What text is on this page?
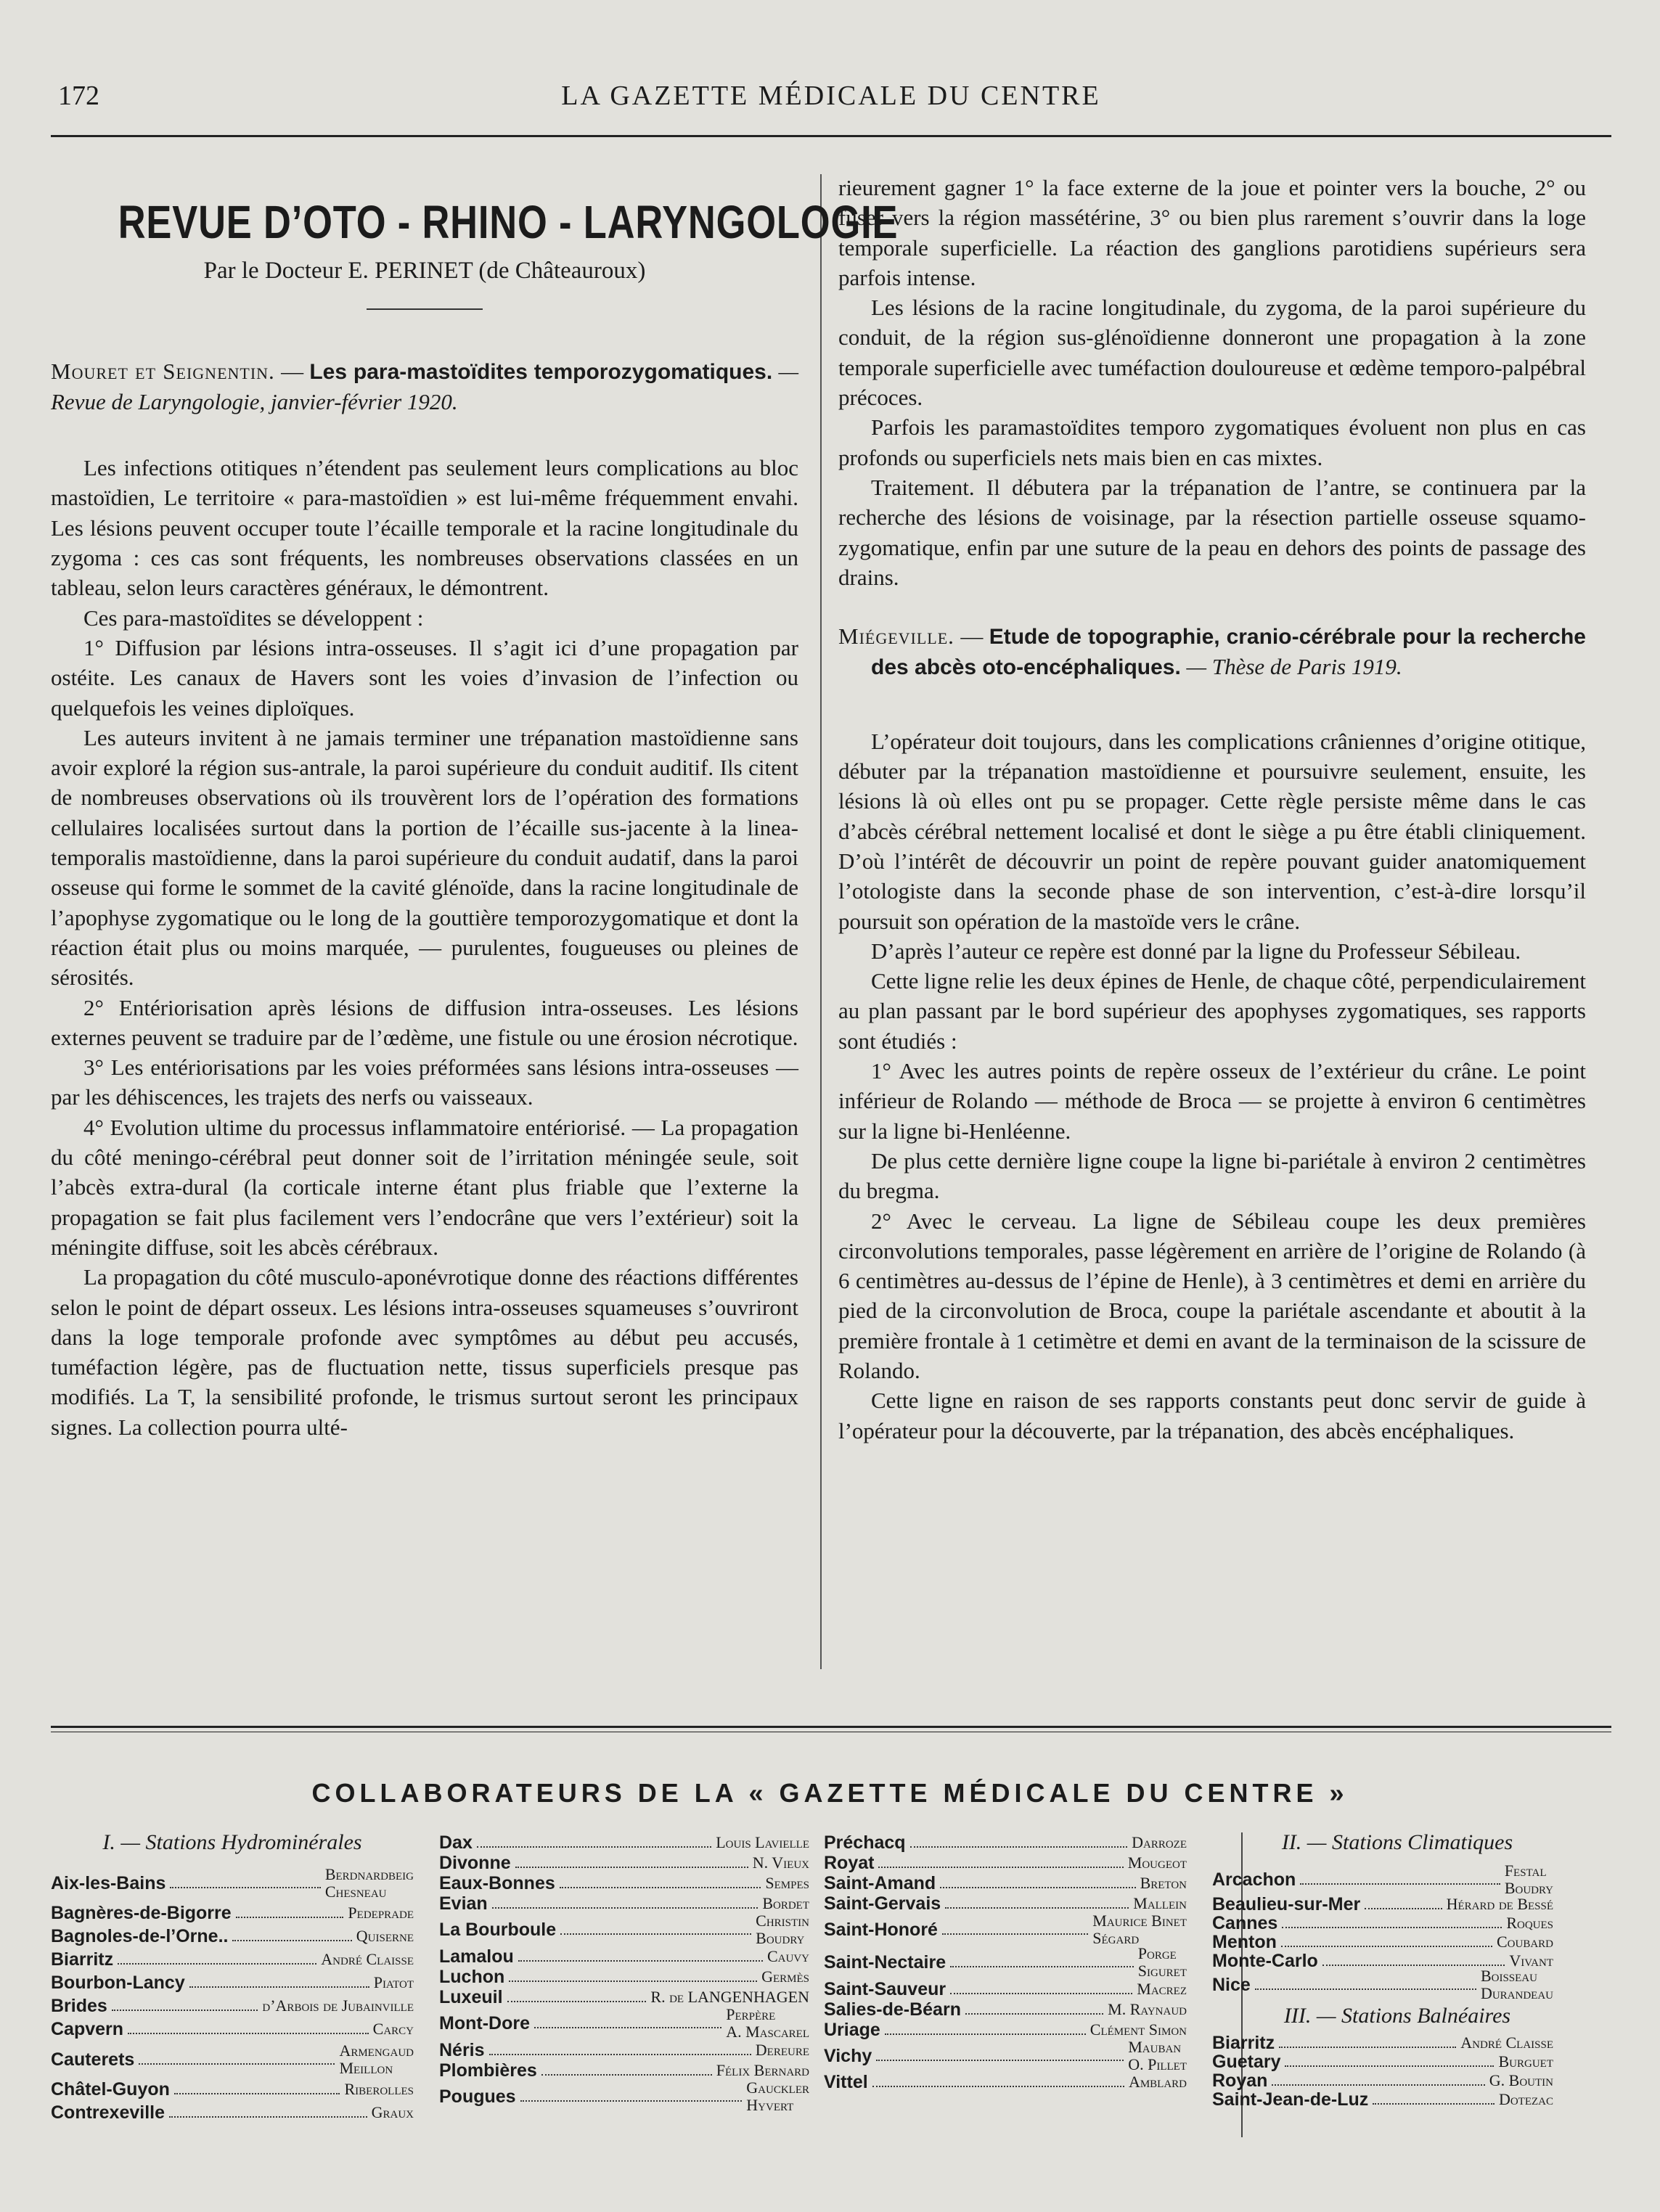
172	LA GAZETTE MÉDICALE DU CENTRE
REVUE D’OTO - RHINO - LARYNGOLOGIE
Par le Docteur E. PERINET (de Châteauroux)

Mouret et Seignentin. — Les para-mastoïdites temporozygomatiques. — Revue de Laryngologie, janvier-février 1920.

Les infections otitiques n’étendent pas seulement leurs complications au bloc mastoïdien, Le territoire « para-mastoïdien » est lui-même fréquemment envahi. Les lésions peuvent occuper toute l’écaille temporale et la racine longitudinale du zygoma : ces cas sont fréquents, les nombreuses observations classées en un tableau, selon leurs caractères généraux, le démontrent.

Ces para-mastoïdites se développent :

1° Diffusion par lésions intra-osseuses. Il s’agit ici d’une propagation par ostéite. Les canaux de Havers sont les voies d’invasion de l’infection ou quelquefois les veines diploïques.

Les auteurs invitent à ne jamais terminer une trépanation mastoïdienne sans avoir exploré la région sus-antrale, la paroi supérieure du conduit auditif. Ils citent de nombreuses observations où ils trouvèrent lors de l’opération des formations cellulaires localisées surtout dans la portion de l’écaille sus-jacente à la linea-temporalis mastoïdienne, dans la paroi supérieure du conduit audatif, dans la paroi osseuse qui forme le sommet de la cavité glénoïde, dans la racine longitudinale de l’apophyse zygomatique ou le long de la gouttière temporozygomatique et dont la réaction était plus ou moins marquée, — purulentes, fougueuses ou pleines de sérosités.

2° Entériorisation après lésions de diffusion intra-osseuses. Les lésions externes peuvent se traduire par de l’œdème, une fistule ou une érosion nécrotique.

3° Les entériorisations par les voies préformées sans lésions intra-osseuses — par les déhiscences, les trajets des nerfs ou vaisseaux.

4° Evolution ultime du processus inflammatoire entériorisé. — La propagation du côté meningo-cérébral peut donner soit de l’irritation méningée seule, soit l’abcès extra-dural (la corticale interne étant plus friable que l’externe la propagation se fait plus facilement vers l’endocrâne que vers l’extérieur) soit la méningite diffuse, soit les abcès cérébraux.

La propagation du côté musculo-aponévrotique donne des réactions différentes selon le point de départ osseux. Les lésions intra-osseuses squameuses s’ouvriront dans la loge temporale profonde avec symptômes au début peu accusés, tuméfaction légère, pas de fluctuation nette, tissus superficiels presque pas modifiés. La T, la sensibilité profonde, le trismus surtout seront les principaux signes. La collection pourra ulté-

rieurement gagner 1° la face externe de la joue et pointer vers la bouche, 2° ou fuser vers la région massétérine, 3° ou bien plus rarement s’ouvrir dans la loge temporale superficielle. La réaction des ganglions parotidiens supérieurs sera parfois intense.

Les lésions de la racine longitudinale, du zygoma, de la paroi supérieure du conduit, de la région sus-glénoïdienne donneront une propagation à la zone temporale superficielle avec tuméfaction douloureuse et œdème temporo-palpébral précoces.

Parfois les paramastoïdites temporo zygomatiques évoluent non plus en cas profonds ou superficiels nets mais bien en cas mixtes.

Traitement. Il débutera par la trépanation de l’antre, se continuera par la recherche des lésions de voisinage, par la résection partielle osseuse squamo-zygomatique, enfin par une suture de la peau en dehors des points de passage des drains.

Miégeville. — Etude de topographie, cranio-cérébrale pour la recherche des abcès oto-encéphaliques. — Thèse de Paris 1919.

L’opérateur doit toujours, dans les complications crâniennes d’origine otitique, débuter par la trépanation mastoïdienne et poursuivre seulement, ensuite, les lésions là où elles ont pu se propager. Cette règle persiste même dans le cas d’abcès cérébral nettement localisé et dont le siège a pu être établi cliniquement. D’où l’intérêt de découvrir un point de repère pouvant guider anatomiquement l’otologiste dans la seconde phase de son intervention, c’est-à-dire lorsqu’il poursuit son opération de la mastoïde vers le crâne.

D’après l’auteur ce repère est donné par la ligne du Professeur Sébileau.

Cette ligne relie les deux épines de Henle, de chaque côté, perpendiculairement au plan passant par le bord supérieur des apophyses zygomatiques, ses rapports sont étudiés :

1° Avec les autres points de repère osseux de l’extérieur du crâne. Le point inférieur de Rolando — méthode de Broca — se projette à environ 6 centimètres sur la ligne bi-Henléenne.

De plus cette dernière ligne coupe la ligne bi-pariétale à environ 2 centimètres du bregma.

2° Avec le cerveau. La ligne de Sébileau coupe les deux premières circonvolutions temporales, passe légèrement en arrière de l’origine de Rolando (à 6 centimètres au-dessus de l’épine de Henle), à 3 centimètres et demi en arrière du pied de la circonvolution de Broca, coupe la pariétale ascendante et aboutit à la première frontale à 1 cetimètre et demi en avant de la terminaison de la scissure de Rolando.

Cette ligne en raison de ses rapports constants peut donc servir de guide à l’opérateur pour la découverte, par la trépanation, des abcès encéphaliques.

COLLABORATEURS DE LA « GAZETTE MÉDICALE DU CENTRE »
I. — Stations Hydrominérales
Aix-les-Bains	Berdnardbeig
Chesneau
Bagnères-de-Bigorre	Pedeprade
Bagnoles-de-l’Orne..	Quiserne
Biarritz	André Claisse
Bourbon-Lancy	Piatot
Brides	d’Arbois de Jubainville
Capvern	Carcy
Cauterets	Armengaud
Meillon
Châtel-Guyon	Riberolles
Contrexeville	Graux
Dax	Louis Lavielle
Divonne	N. Vieux
Eaux-Bonnes	Sempes
Evian	Bordet
La Bourboule	Christin
Boudry
Lamalou	Cauvy
Luchon	Germès
Luxeuil	R. de LANGENHAGEN
Mont-Dore	Perpère
A. Mascarel
Néris	Dereure
Plombières	Félix Bernard
Pougues	Gauckler
Hyvert
Préchacq	Darroze
Royat	Mougeot
Saint-Amand	Breton
Saint-Gervais	Mallein
Saint-Honoré	Maurice Binet
Ségard
Saint-Nectaire	Porge
Siguret
Saint-Sauveur	Macrez
Salies-de-Béarn	M. Raynaud
Uriage	Clément Simon
Vichy	Mauban
O. Pillet
Vittel	Amblard
II. — Stations Climatiques
Arcachon	Festal
Boudry
Beaulieu-sur-Mer	Hérard de Bessé
Cannes	Roques
Menton	Coubard
Monte-Carlo	Vivant
Nice	Boisseau
Durandeau
III. — Stations Balnéaires
Biarritz	André Claisse
Guetary	Burguet
Royan	G. Boutin
Saint-Jean-de-Luz	Dotezac
